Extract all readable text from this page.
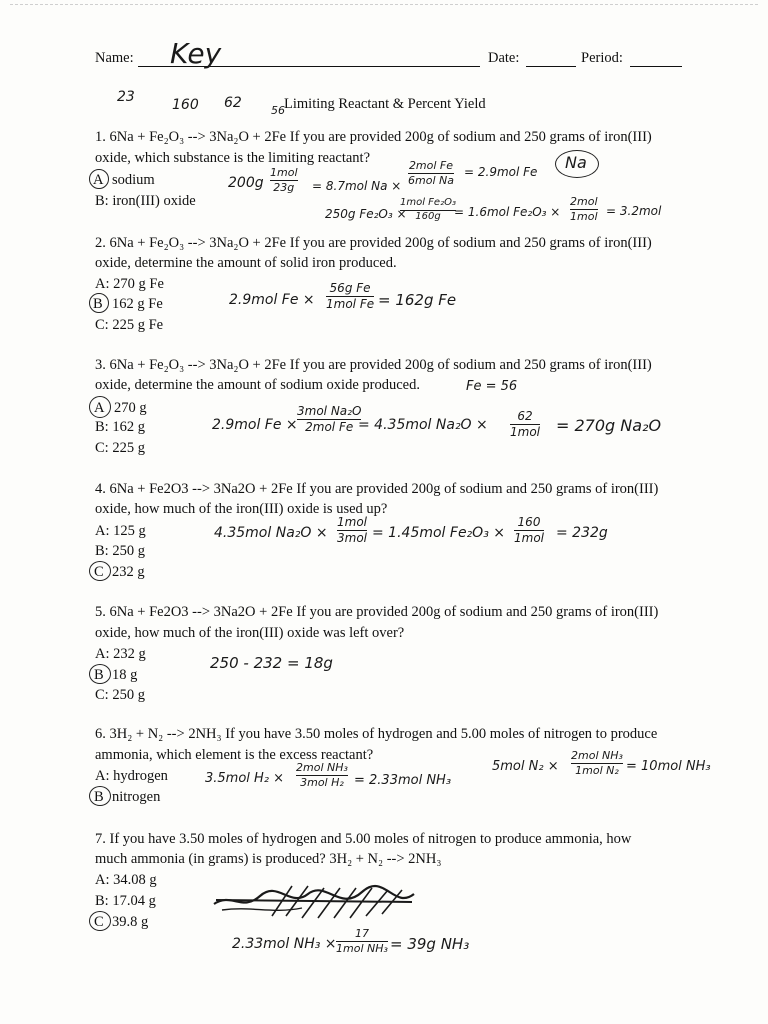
Name: Key	Date:	Period:
23	160 62	56 Limiting Reactant & Percent Yield
1. 6Na + Fe₂O₃ --> 3Na₂O + 2Fe If you are provided 200g of sodium and 250 grams of iron(III)
oxide, which substance is the limiting reactant?
A sodium
B: iron(III) oxide
200g
1mol
23g = 8.7mol Na ×
2mol Fe
6mol Na
= 2.9mol Fe Na
250g Fe₂O₃ ×
1mol Fe₂O₃
160g = 1.6mol Fe₂O₃ ×
2mol
1mol = 3.2mol
2. 6Na + Fe₂O₃ --> 3Na₂O + 2Fe If you are provided 200g of sodium and 250 grams of iron(III)
oxide, determine the amount of solid iron produced.
A: 270 g Fe
B 162 g Fe
C: 225 g Fe
2.9mol Fe ×
56g Fe
1mol Fe = 162g Fe
3. 6Na + Fe₂O₃ --> 3Na₂O + 2Fe If you are provided 200g of sodium and 250 grams of iron(III)
oxide, determine the amount of sodium oxide produced.	Fe = 56
A 270 g
B: 162 g
C: 225 g
2.9mol Fe ×
3mol Na₂O
2mol Fe = 4.35mol Na₂O ×
62
1mol = 270g Na₂O
4. 6Na + Fe2O3 --> 3Na2O + 2Fe If you are provided 200g of sodium and 250 grams of iron(III)
oxide, how much of the iron(III) oxide is used up?
A: 125 g
B: 250 g
C 232 g
4.35mol Na₂O ×
1mol
3mol = 1.45mol Fe₂O₃ ×
160
1mol = 232g
5. 6Na + Fe2O3 --> 3Na2O + 2Fe If you are provided 200g of sodium and 250 grams of iron(III)
oxide, how much of the iron(III) oxide was left over?
A: 232 g
B 18 g
C: 250 g
250 - 232 = 18g
6. 3H₂ + N₂ --> 2NH₃ If you have 3.50 moles of hydrogen and 5.00 moles of nitrogen to produce
ammonia, which element is the excess reactant?
A: hydrogen
B nitrogen
3.5mol H₂ ×
2mol NH₃
3mol H₂ = 2.33mol NH₃
5mol N₂ ×
2mol NH₃
1mol N₂ = 10mol NH₃
7. If you have 3.50 moles of hydrogen and 5.00 moles of nitrogen to produce ammonia, how
much ammonia (in grams) is produced? 3H₂ + N₂ --> 2NH₃
A: 34.08 g
B: 17.04 g
C 39.8 g
2.33mol NH₃ ×
17
1mol NH₃ = 39g NH₃
